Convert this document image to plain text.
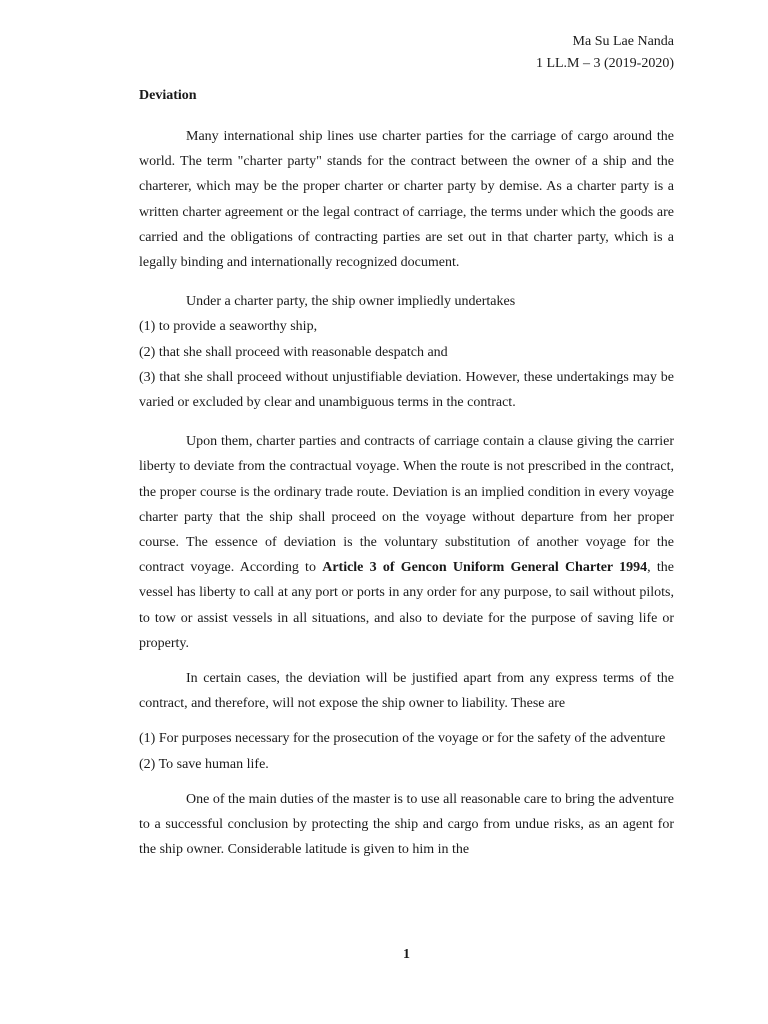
Ma Su Lae Nanda
1 LL.M – 3 (2019-2020)
Deviation

Many international ship lines use charter parties for the carriage of cargo around the world. The term "charter party" stands for the contract between the owner of a ship and the charterer, which may be the proper charter or charter party by demise. As a charter party is a written charter agreement or the legal contract of carriage, the terms under which the goods are carried and the obligations of contracting parties are set out in that charter party, which is a legally binding and internationally recognized document.

Under a charter party, the ship owner impliedly undertakes

(1) to provide a seaworthy ship,

(2) that she shall proceed with reasonable despatch and

(3) that she shall proceed without unjustifiable deviation. However, these undertakings may be varied or excluded by clear and unambiguous terms in the contract.

Upon them, charter parties and contracts of carriage contain a clause giving the carrier liberty to deviate from the contractual voyage. When the route is not prescribed in the contract, the proper course is the ordinary trade route. Deviation is an implied condition in every voyage charter party that the ship shall proceed on the voyage without departure from her proper course. The essence of deviation is the voluntary substitution of another voyage for the contract voyage. According to Article 3 of Gencon Uniform General Charter 1994, the vessel has liberty to call at any port or ports in any order for any purpose, to sail without pilots, to tow or assist vessels in all situations, and also to deviate for the purpose of saving life or property.

In certain cases, the deviation will be justified apart from any express terms of the contract, and therefore, will not expose the ship owner to liability. These are

(1) For purposes necessary for the prosecution of the voyage or for the safety of the adventure

(2) To save human life.

One of the main duties of the master is to use all reasonable care to bring the adventure to a successful conclusion by protecting the ship and cargo from undue risks, as an agent for the ship owner. Considerable latitude is given to him in the

1
